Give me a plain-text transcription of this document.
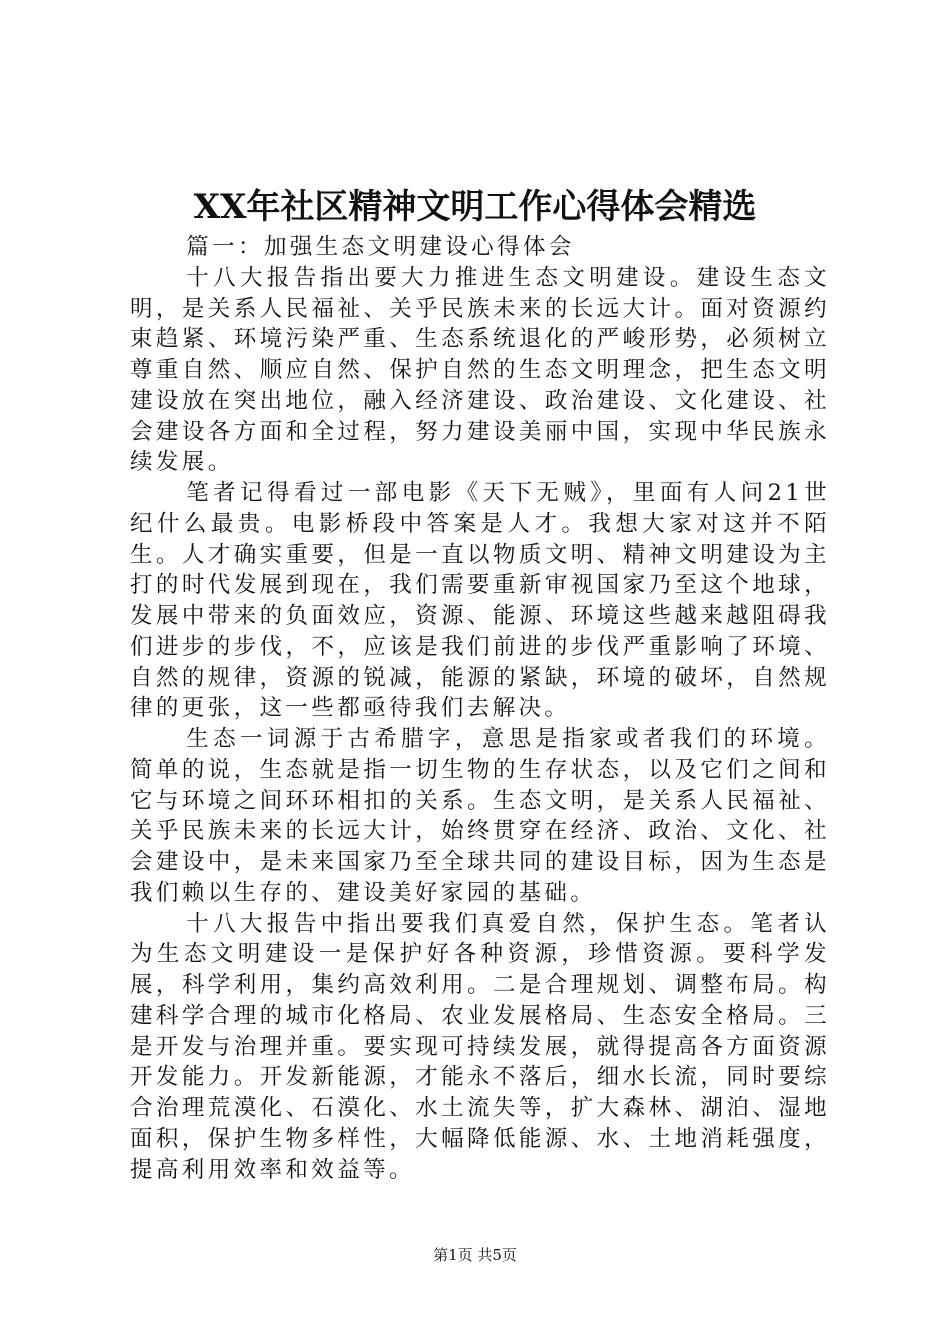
XX年社区精神文明工作心得体会精选

篇一：加强生态文明建设心得体会

十八大报告指出要大力推进生态文明建设。建设生态文明，是关系人民福祉、关乎民族未来的长远大计。面对资源约束趋紧、环境污染严重、生态系统退化的严峻形势，必须树立尊重自然、顺应自然、保护自然的生态文明理念，把生态文明建设放在突出地位，融入经济建设、政治建设、文化建设、社会建设各方面和全过程，努力建设美丽中国，实现中华民族永续发展。

笔者记得看过一部电影《天下无贼》，里面有人问21世纪什么最贵。电影桥段中答案是人才。我想大家对这并不陌生。人才确实重要，但是一直以物质文明、精神文明建设为主打的时代发展到现在，我们需要重新审视国家乃至这个地球，发展中带来的负面效应，资源、能源、环境这些越来越阻碍我们进步的步伐，不，应该是我们前进的步伐严重影响了环境、自然的规律，资源的锐减，能源的紧缺，环境的破坏，自然规律的更张，这一些都亟待我们去解决。

生态一词源于古希腊字，意思是指家或者我们的环境。简单的说，生态就是指一切生物的生存状态，以及它们之间和它与环境之间环环相扣的关系。生态文明，是关系人民福祉、关乎民族未来的长远大计，始终贯穿在经济、政治、文化、社会建设中，是未来国家乃至全球共同的建设目标，因为生态是我们赖以生存的、建设美好家园的基础。

十八大报告中指出要我们真爱自然，保护生态。笔者认为生态文明建设一是保护好各种资源，珍惜资源。要科学发展，科学利用，集约高效利用。二是合理规划、调整布局。构建科学合理的城市化格局、农业发展格局、生态安全格局。三是开发与治理并重。要实现可持续发展，就得提高各方面资源开发能力。开发新能源，才能永不落后，细水长流，同时要综合治理荒漠化、石漠化、水土流失等，扩大森林、湖泊、湿地面积，保护生物多样性，大幅降低能源、水、土地消耗强度，提高利用效率和效益等。

第1页 共5页
